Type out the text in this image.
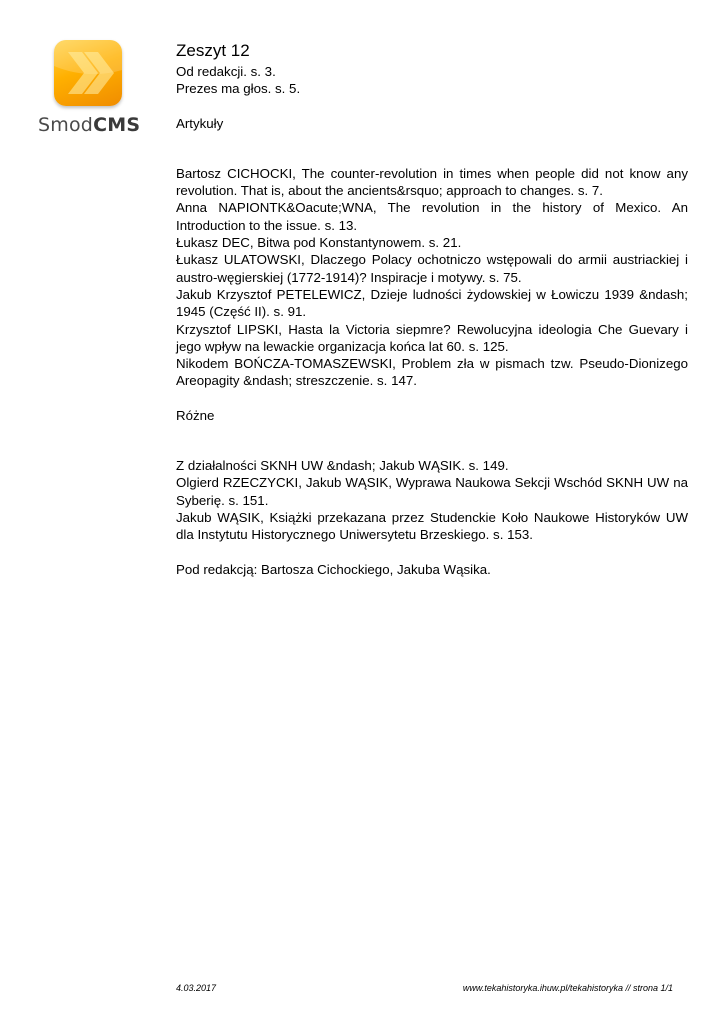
SmodCMS
Zeszyt 12
Od redakcji. s. 3.
Prezes ma głos. s. 5.
Artykuły
Bartosz CICHOCKI, The counter-revolution in times when people did not know any revolution. That is, about the ancients&rsquo; approach to changes. s. 7.
Anna NAPIONTK&Oacute;WNA, The revolution in the history of Mexico. An Introduction to the issue. s. 13.
Łukasz DEC, Bitwa pod Konstantynowem. s. 21.
Łukasz ULATOWSKI, Dlaczego Polacy ochotniczo wstępowali do armii austriackiej i austro-węgierskiej (1772-1914)? Inspiracje i motywy. s. 75.
Jakub Krzysztof PETELEWICZ, Dzieje ludności żydowskiej w Łowiczu 1939 &ndash; 1945 (Część II). s. 91.
Krzysztof LIPSKI, Hasta la Victoria siepmre? Rewolucyjna ideologia Che Guevary i jego wpływ na lewackie organizacja końca lat 60. s. 125.
Nikodem BOŃCZA-TOMASZEWSKI, Problem zła w pismach tzw. Pseudo-Dionizego Areopagity &ndash; streszczenie. s. 147.
Różne
Z działalności SKNH UW &ndash; Jakub WĄSIK. s. 149.
Olgierd RZECZYCKI, Jakub WĄSIK, Wyprawa Naukowa Sekcji Wschód SKNH UW na Syberię. s. 151.
Jakub WĄSIK, Książki przekazana przez Studenckie Koło Naukowe Historyków UW dla Instytutu Historycznego Uniwersytetu Brzeskiego. s. 153.
Pod redakcją: Bartosza Cichockiego, Jakuba Wąsika.
4.03.2017	www.tekahistoryka.ihuw.pl/tekahistoryka // strona 1/1
